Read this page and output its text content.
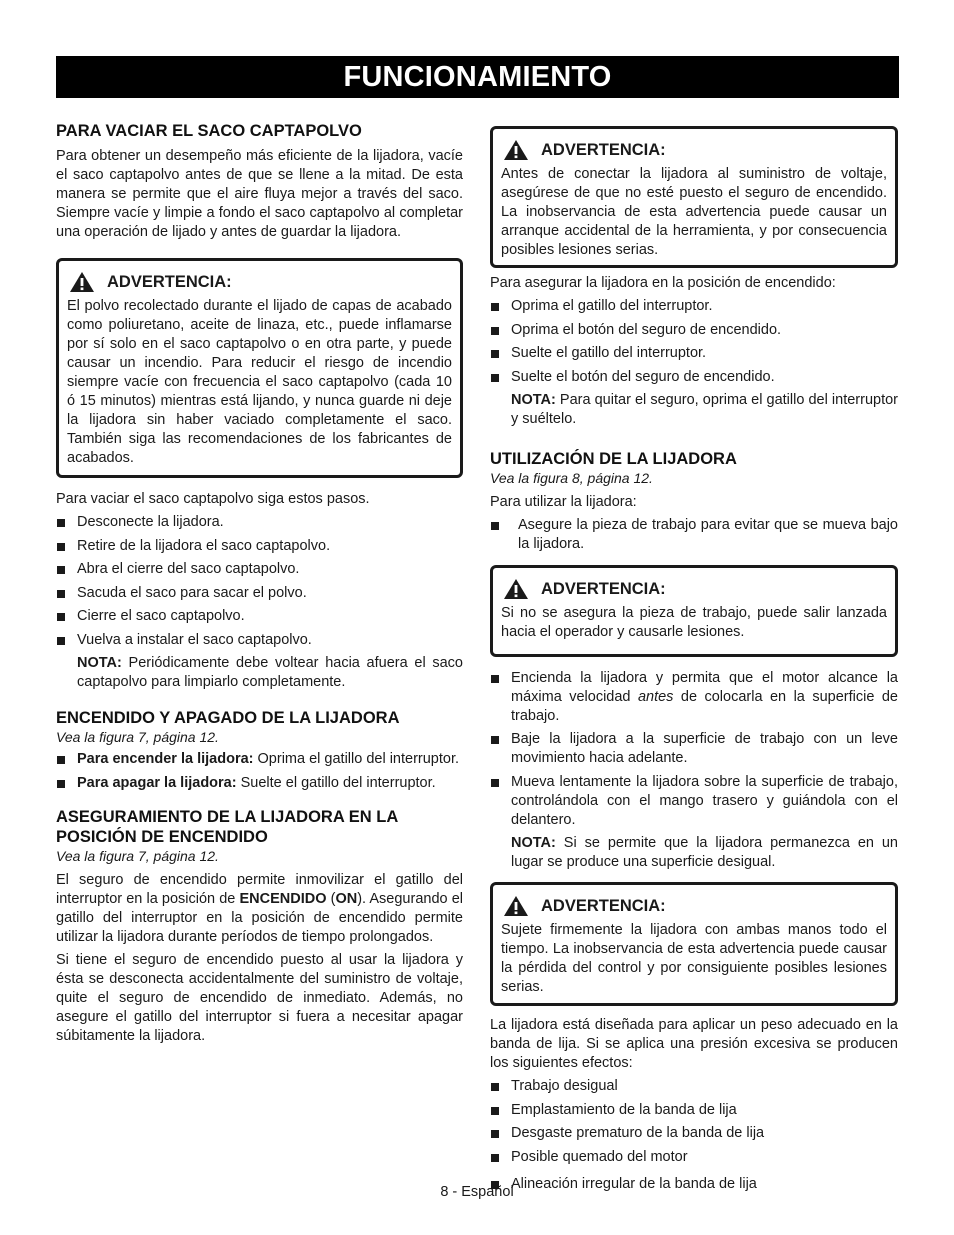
FUNCIONAMIENTO
PARA VACIAR EL SACO CAPTAPOLVO

Para obtener un desempeño más eficiente de la lijadora, vacíe el saco captapolvo antes de que se llene a la mitad. De esta manera se permite que el aire fluya mejor a través del saco. Siempre vacíe y limpie a fondo el saco captapolvo al completar una operación de lijado y antes de guardar la lijadora.

ADVERTENCIA:

El polvo recolectado durante el lijado de capas de acabado como poliuretano, aceite de linaza, etc., puede inflamarse por sí solo en el saco captapolvo o en otra parte, y puede causar un incendio. Para reducir el riesgo de incendio siempre vacíe con frecuencia el saco captapolvo (cada 10 ó 15 minutos) mientras está lijando, y nunca guarde ni deje la lijadora sin haber vaciado completamente el saco. También siga las recomendaciones de los fabricantes de acabados.

Para vaciar el saco captapolvo siga estos pasos.

Desconecte la lijadora.
Retire de la lijadora el saco captapolvo.
Abra el cierre del saco captapolvo.
Sacuda el saco para sacar el polvo.
Cierre el saco captapolvo.
Vuelva a instalar el saco captapolvo.

NOTA: Periódicamente debe voltear hacia afuera el saco captapolvo para limpiarlo completamente.

ENCENDIDO Y APAGADO DE LA LIJADORA

Vea la figura 7, página 12.

Para encender la lijadora: Oprima el gatillo del interruptor.
Para apagar la lijadora: Suelte el gatillo del interruptor.
ASEGURAMIENTO DE LA LIJADORA EN LA POSICIÓN DE ENCENDIDO

Vea la figura 7, página 12.

El seguro de encendido permite inmovilizar el gatillo del interruptor en la posición de ENCENDIDO (ON). Asegurando el gatillo del interruptor en la posición de encendido permite utilizar la lijadora durante períodos de tiempo prolongados.

Si tiene el seguro de encendido puesto al usar la lijadora y ésta se desconecta accidentalmente del suministro de voltaje, quite el seguro de encendido de inmediato. Además, no asegure el gatillo del interruptor si fuera a necesitar apagar súbitamente la lijadora.

ADVERTENCIA:

Antes de conectar la lijadora al suministro de voltaje, asegúrese de que no esté puesto el seguro de encendido. La inobservancia de esta advertencia puede causar un arranque accidental de la herramienta, y por consecuencia posibles lesiones serias.

Para asegurar la lijadora en la posición de encendido:

Oprima el gatillo del interruptor.
Oprima el botón del seguro de encendido.
Suelte el gatillo del interruptor.
Suelte el botón del seguro de encendido.

NOTA: Para quitar el seguro, oprima el gatillo del interruptor y suéltelo.

UTILIZACIÓN DE LA LIJADORA

Vea la figura 8, página 12.

Para utilizar la lijadora:

Asegure la pieza de trabajo para evitar que se mueva bajo la lijadora.
ADVERTENCIA:

Si no se asegura la pieza de trabajo, puede salir lanzada hacia el operador y causarle lesiones.

Encienda la lijadora y permita que el motor alcance la máxima velocidad antes de colocarla en la superficie de trabajo.
Baje la lijadora a la superficie de trabajo con un leve movimiento hacia adelante.
Mueva lentamente la lijadora sobre la superficie de trabajo, controlándola con el mango trasero y guiándola con el delantero.

NOTA: Si se permite que la lijadora permanezca en un lugar se produce una superficie desigual.

ADVERTENCIA:

Sujete firmemente la lijadora con ambas manos todo el tiempo. La inobservancia de esta advertencia puede causar la pérdida del control y por consiguiente posibles lesiones serias.

La lijadora está diseñada para aplicar un peso adecuado en la banda de lija. Si se aplica una presión excesiva se producen los siguientes efectos:

Trabajo desigual
Emplastamiento de la banda de lija
Desgaste prematuro de la banda de lija
Posible quemado del motor
Alineación irregular de la banda de lija
8 - Español
